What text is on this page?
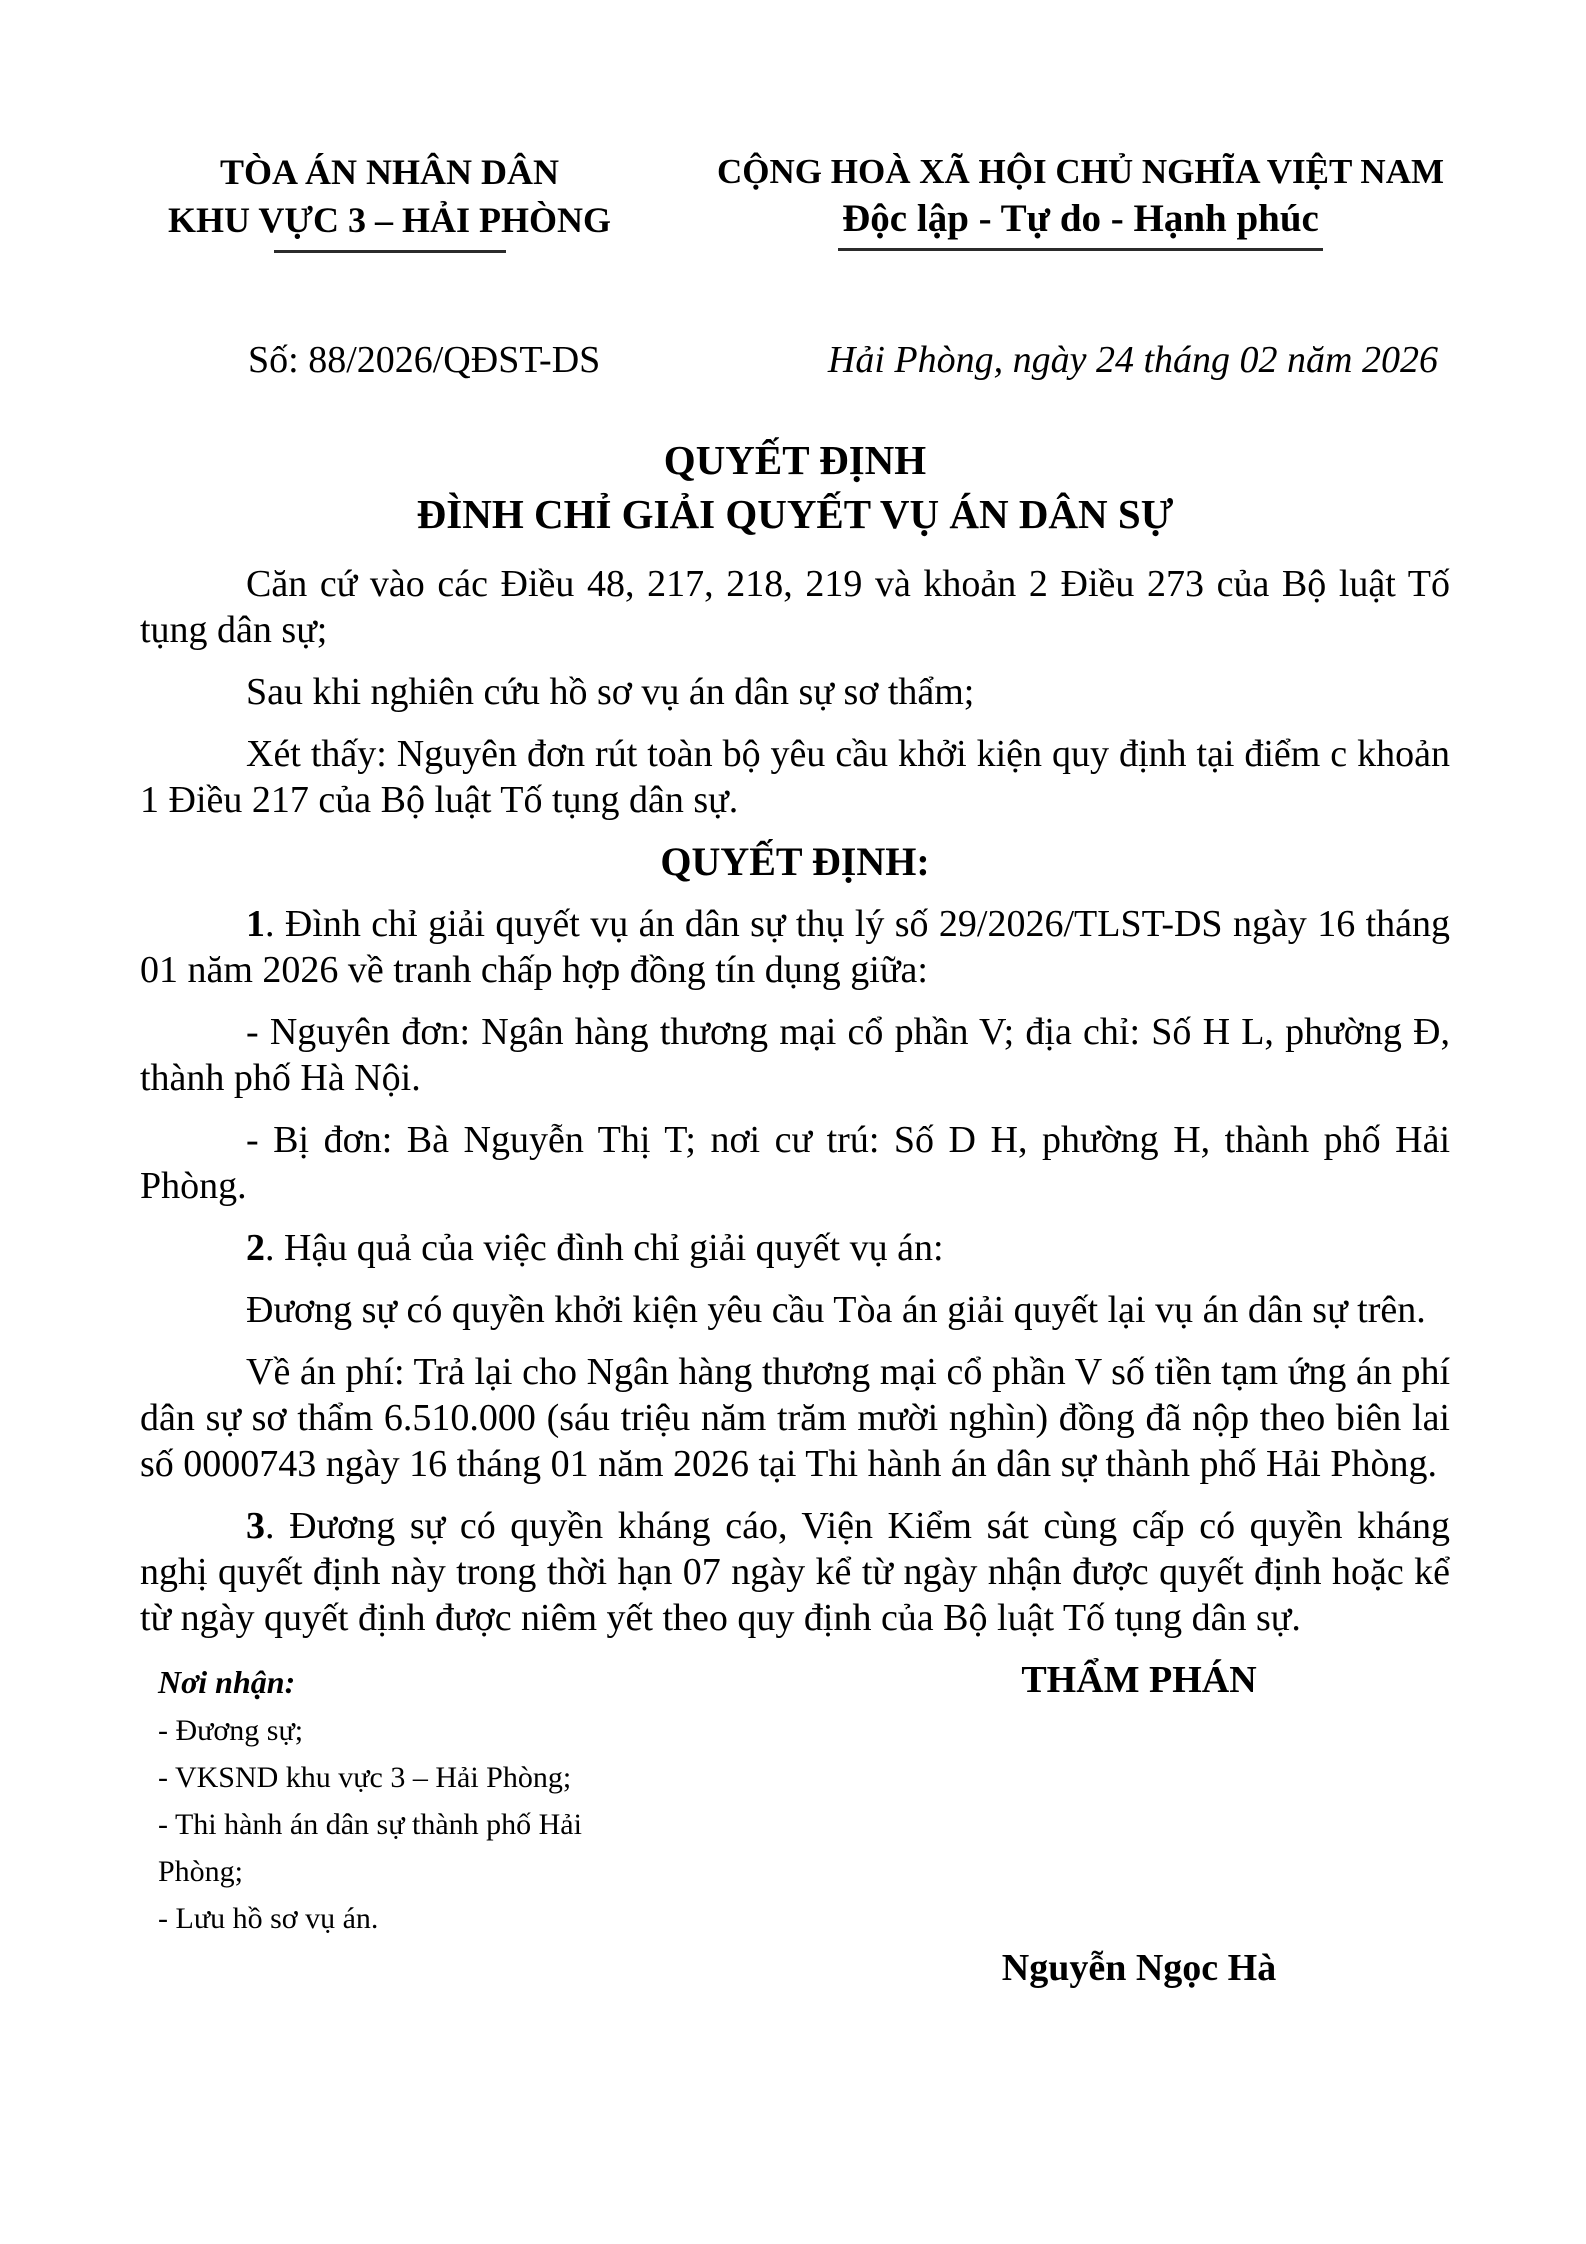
TÒA ÁN NHÂN DÂN
KHU VỰC 3 – HẢI PHÒNG
CỘNG HOÀ XÃ HỘI CHỦ NGHĨA VIỆT NAM
Độc lập - Tự do - Hạnh phúc
Số: 88/2026/QĐST-DS	Hải Phòng, ngày 24 tháng 02 năm 2026
QUYẾT ĐỊNH
ĐÌNH CHỈ GIẢI QUYẾT VỤ ÁN DÂN SỰ

Căn cứ vào các Điều 48, 217, 218, 219 và khoản 2 Điều 273 của Bộ luật Tố tụng dân sự;

Sau khi nghiên cứu hồ sơ vụ án dân sự sơ thẩm;

Xét thấy: Nguyên đơn rút toàn bộ yêu cầu khởi kiện quy định tại điểm c khoản 1 Điều 217 của Bộ luật Tố tụng dân sự.

QUYẾT ĐỊNH:

1. Đình chỉ giải quyết vụ án dân sự thụ lý số 29/2026/TLST-DS ngày 16 tháng 01 năm 2026 về tranh chấp hợp đồng tín dụng giữa:

- Nguyên đơn: Ngân hàng thương mại cổ phần V; địa chỉ: Số H L, phường Đ, thành phố Hà Nội.

- Bị đơn: Bà Nguyễn Thị T; nơi cư trú: Số D H, phường H, thành phố Hải Phòng.

2. Hậu quả của việc đình chỉ giải quyết vụ án:

Đương sự có quyền khởi kiện yêu cầu Tòa án giải quyết lại vụ án dân sự trên.

Về án phí: Trả lại cho Ngân hàng thương mại cổ phần V số tiền tạm ứng án phí dân sự sơ thẩm 6.510.000 (sáu triệu năm trăm mười nghìn) đồng đã nộp theo biên lai số 0000743 ngày 16 tháng 01 năm 2026 tại Thi hành án dân sự thành phố Hải Phòng.

3. Đương sự có quyền kháng cáo, Viện Kiểm sát cùng cấp có quyền kháng nghị quyết định này trong thời hạn 07 ngày kể từ ngày nhận được quyết định hoặc kể từ ngày quyết định được niêm yết theo quy định của Bộ luật Tố tụng dân sự.

Nơi nhận:
- Đương sự;
- VKSND khu vực 3 – Hải Phòng;
- Thi hành án dân sự thành phố Hải Phòng;
- Lưu hồ sơ vụ án.
THẨM PHÁN
Nguyễn Ngọc Hà
